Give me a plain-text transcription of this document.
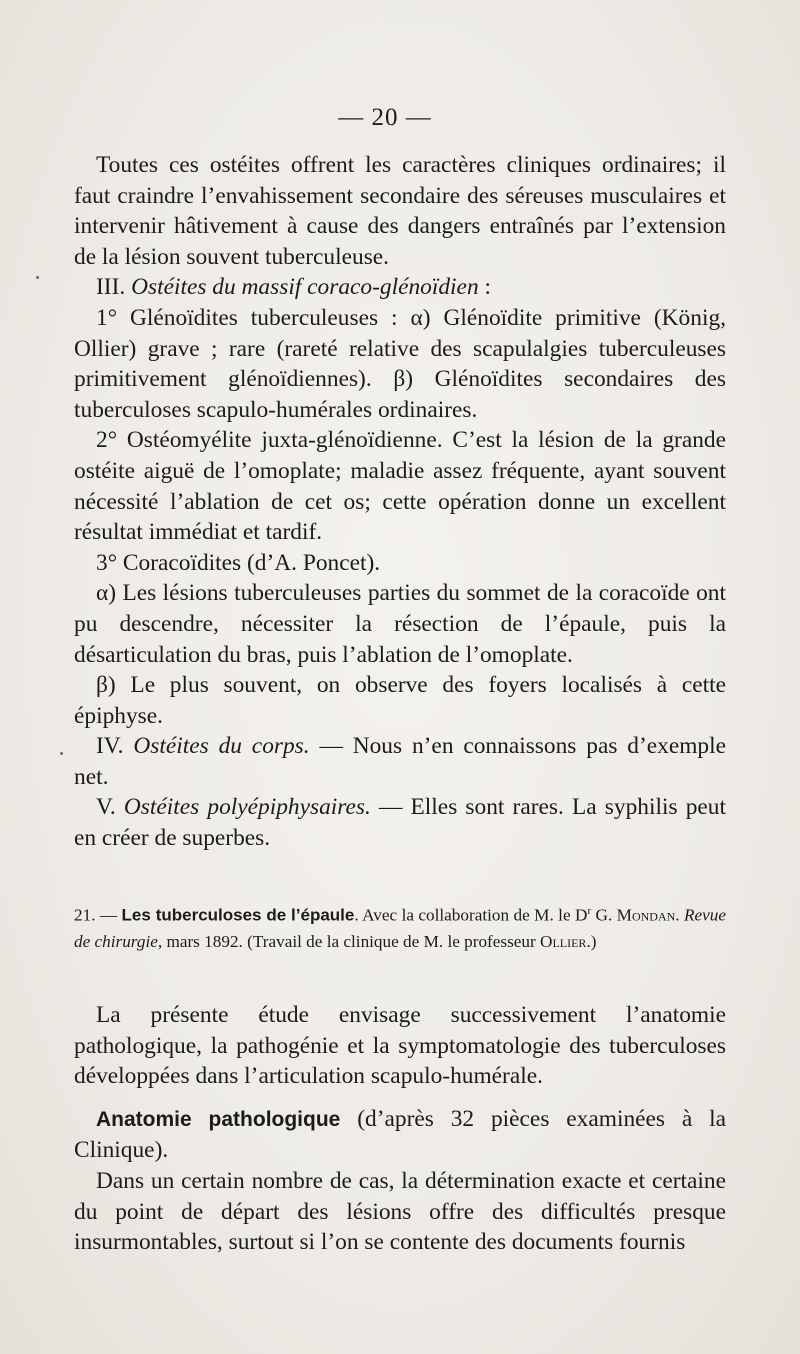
— 20 —

Toutes ces ostéites offrent les caractères cliniques ordinaires; il faut craindre l’envahissement secondaire des séreuses musculaires et intervenir hâtivement à cause des dangers entraînés par l’extension de la lésion souvent tuberculeuse.

III. Ostéites du massif coraco-glénoïdien :

1° Glénoïdites tuberculeuses : α) Glénoïdite primitive (König, Ollier) grave ; rare (rareté relative des scapulalgies tuberculeuses primitivement glénoïdiennes). β) Glénoïdites secondaires des tuberculoses scapulo-humérales ordinaires.

2° Ostéomyélite juxta-glénoïdienne. C’est la lésion de la grande ostéite aiguë de l’omoplate; maladie assez fréquente, ayant souvent nécessité l’ablation de cet os; cette opération donne un excellent résultat immédiat et tardif.

3° Coracoïdites (d’A. Poncet).

α) Les lésions tuberculeuses parties du sommet de la coracoïde ont pu descendre, nécessiter la résection de l’épaule, puis la désarticulation du bras, puis l’ablation de l’omoplate.

β) Le plus souvent, on observe des foyers localisés à cette épiphyse.

IV. Ostéites du corps. — Nous n’en connaissons pas d’exemple net.

V. Ostéites polyépiphysaires. — Elles sont rares. La syphilis peut en créer de superbes.

21. — Les tuberculoses de l’épaule. Avec la collaboration de M. le $D^r$ G. Mondan. Revue de chirurgie, mars 1892. (Travail de la clinique de M. le professeur Ollier.)

La présente étude envisage successivement l’anatomie pathologique, la pathogénie et la symptomatologie des tuberculoses développées dans l’articulation scapulo-humérale.

Anatomie pathologique (d’après 32 pièces examinées à la Clinique).

Dans un certain nombre de cas, la détermination exacte et certaine du point de départ des lésions offre des difficultés presque insurmontables, surtout si l’on se contente des documents fournis
